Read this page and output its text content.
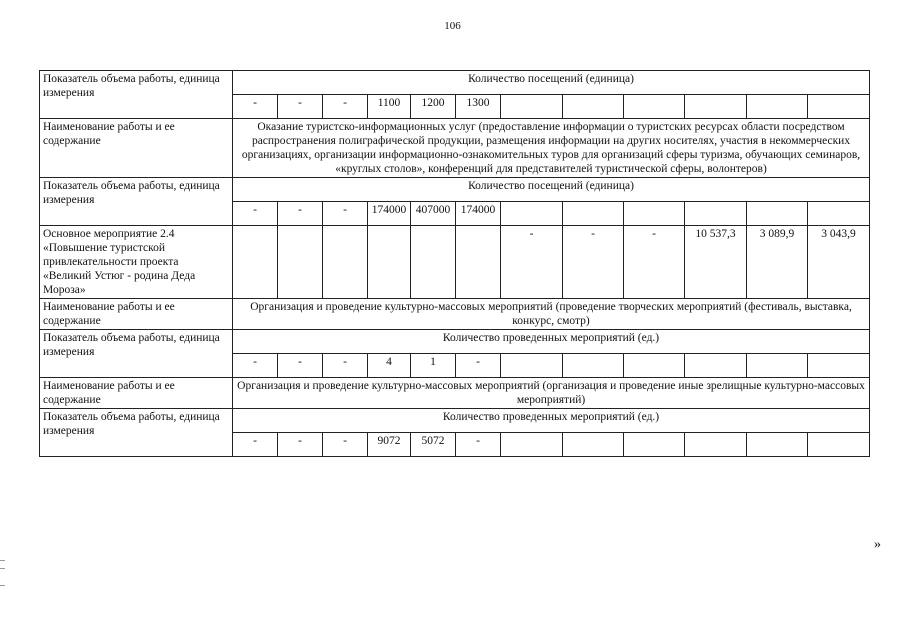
106
Показатель объема работы, единица измерения	Количество посещений (единица)											
	-	-	-	1100	1200	1300						
Наименование работы и ее содержание	Оказание туристско-информационных услуг (предоставление информации о туристских ресурсах области посредством распространения полиграфической продукции, размещения информации на других носителях, участия в некоммерческих организациях, организации информационно-ознакомительных туров для организаций сферы туризма, обучающих семинаров, «круглых столов», конференций для представителей туристической сферы, волонтеров)											
Показатель объема работы, единица измерения	Количество посещений (единица)											
	-	-	-	174000	407000	174000						
Основное мероприятие 2.4 «Повышение туристской привлекательности проекта «Великий Устюг - родина Деда Мороза»							-	-	-	10 537,3	3 089,9	3 043,9
Наименование работы и ее содержание	Организация и проведение культурно-массовых мероприятий (проведение творческих мероприятий (фестиваль, выставка, конкурс, смотр)											
Показатель объема работы, единица измерения	Количество проведенных мероприятий (ед.)											
	-	-	-	4	1	-						
Наименование работы и ее содержание	Организация и проведение культурно-массовых мероприятий (организация и проведение иные зрелищные культурно-массовых мероприятий)											
Показатель объема работы, единица измерения	Количество проведенных мероприятий (ед.)											
	-	-	-	9072	5072	-						
»
